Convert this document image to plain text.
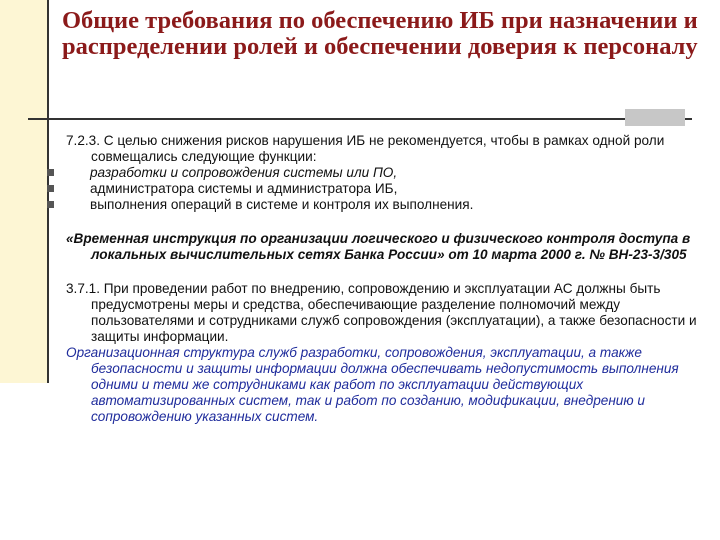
Общие требования по обеспечению ИБ при назначении и распределении ролей и обеспечении доверия к персоналу

7.2.3. С целью снижения рисков нарушения ИБ не рекомендуется, чтобы в рамках одной роли совмещались следующие функции:

разработки и сопровождения системы или ПО,
администратора системы и администратора ИБ,
выполнения операций в системе и контроля их выполнения.

«Временная инструкция по организации логического и физического контроля доступа в локальных вычислительных сетях Банка России» от 10 марта 2000 г. № ВН-23-3/305

3.7.1. При проведении работ по внедрению, сопровождению и эксплуатации АС должны быть предусмотрены меры и средства, обеспечивающие разделение полномочий между пользователями и сотрудниками служб сопровождения (эксплуатации), а также безопасности и защиты информации.

Организационная структура служб разработки, сопровождения, эксплуатации, а также безопасности и защиты информации должна обеспечивать недопустимость выполнения одними и теми же сотрудниками как работ по эксплуатации действующих автоматизированных систем, так и работ по созданию, модификации, внедрению и сопровождению указанных систем.
